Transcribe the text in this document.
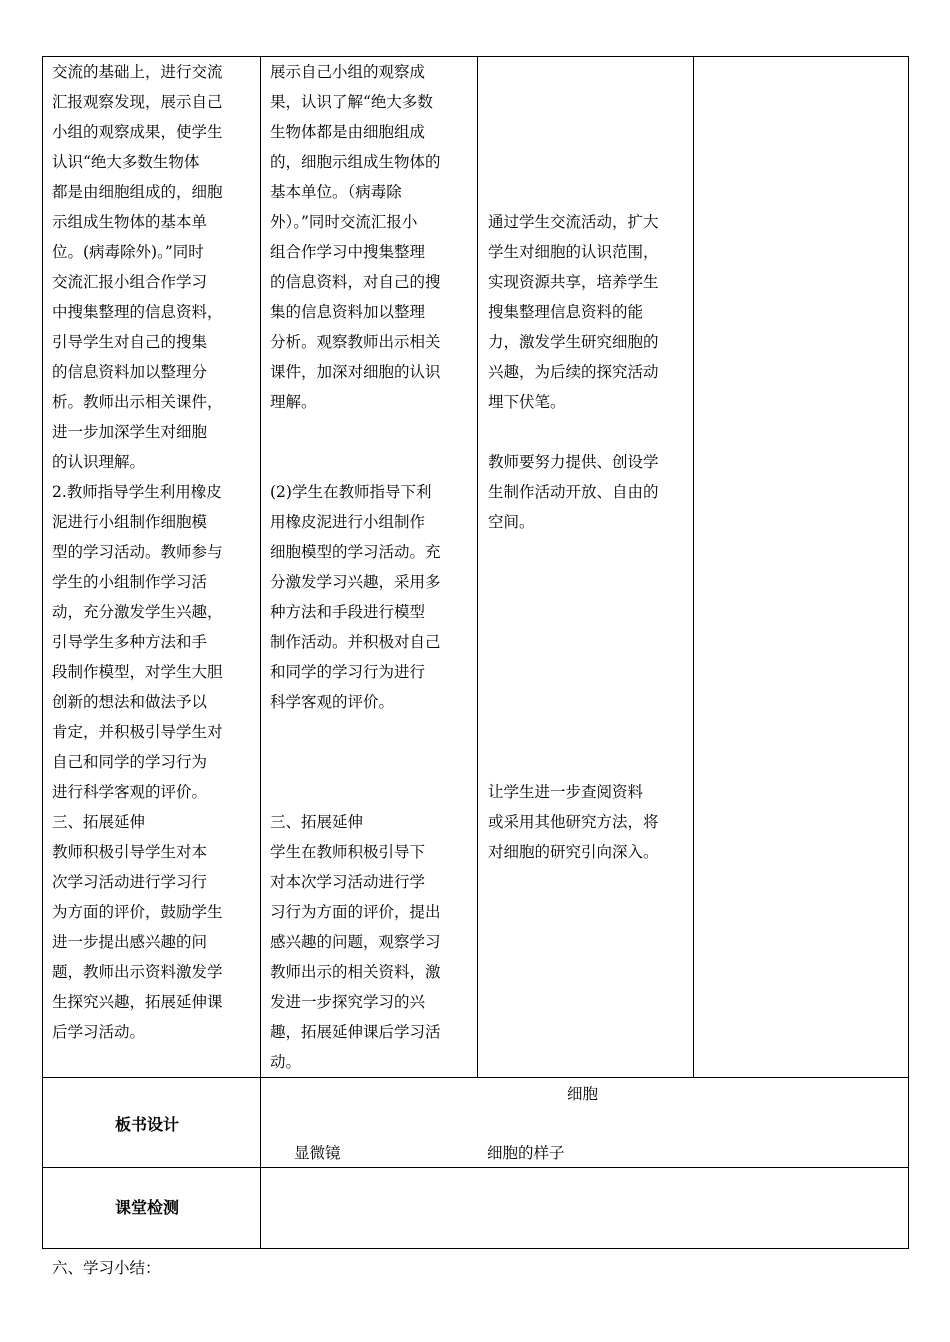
交流的基础上，进行交流
汇报观察发现，展示自己
小组的观察成果，使学生
认识“绝大多数生物体
都是由细胞组成的，细胞
示组成生物体的基本单
位。(病毒除外)。”同时
交流汇报小组合作学习
中搜集整理的信息资料，
引导学生对自己的搜集
的信息资料加以整理分
析。教师出示相关课件，
进一步加深学生对细胞
的认识理解。

2.教师指导学生利用橡皮
泥进行小组制作细胞模
型的学习活动。教师参与
学生的小组制作学习活
动，充分激发学生兴趣，
引导学生多种方法和手
段制作模型，对学生大胆
创新的想法和做法予以
肯定，并积极引导学生对
自己和同学的学习行为
进行科学客观的评价。

三、拓展延伸

教师积极引导学生对本
次学习活动进行学习行
为方面的评价，鼓励学生
进一步提出感兴趣的问
题，教师出示资料激发学
生探究兴趣，拓展延伸课
后学习活动。

展示自己小组的观察成
果，认识了解“绝大多数
生物体都是由细胞组成
的，细胞示组成生物体的
基本单位。（病毒除
外）。”同时交流汇报小
组合作学习中搜集整理
的信息资料，对自己的搜
集的信息资料加以整理
分析。观察教师出示相关
课件，加深对细胞的认识
理解。

(2)学生在教师指导下利
用橡皮泥进行小组制作
细胞模型的学习活动。充
分激发学习兴趣，采用多
种方法和手段进行模型
制作活动。并积极对自己
和同学的学习行为进行
科学客观的评价。

三、拓展延伸

学生在教师积极引导下
对本次学习活动进行学
习行为方面的评价，提出
感兴趣的问题，观察学习
教师出示的相关资料，激
发进一步探究学习的兴
趣，拓展延伸课后学习活
动。

通过学生交流活动，扩大
学生对细胞的认识范围，
实现资源共享，培养学生
搜集整理信息资料的能
力，激发学生研究细胞的
兴趣，为后续的探究活动
埋下伏笔。

教师要努力提供、创设学
生制作活动开放、自由的
空间。

让学生进一步查阅资料
或采用其他研究方法，将
对细胞的研究引向深入。

板书设计
细胞
显微镜	细胞的样子
课堂检测
六、学习小结：
